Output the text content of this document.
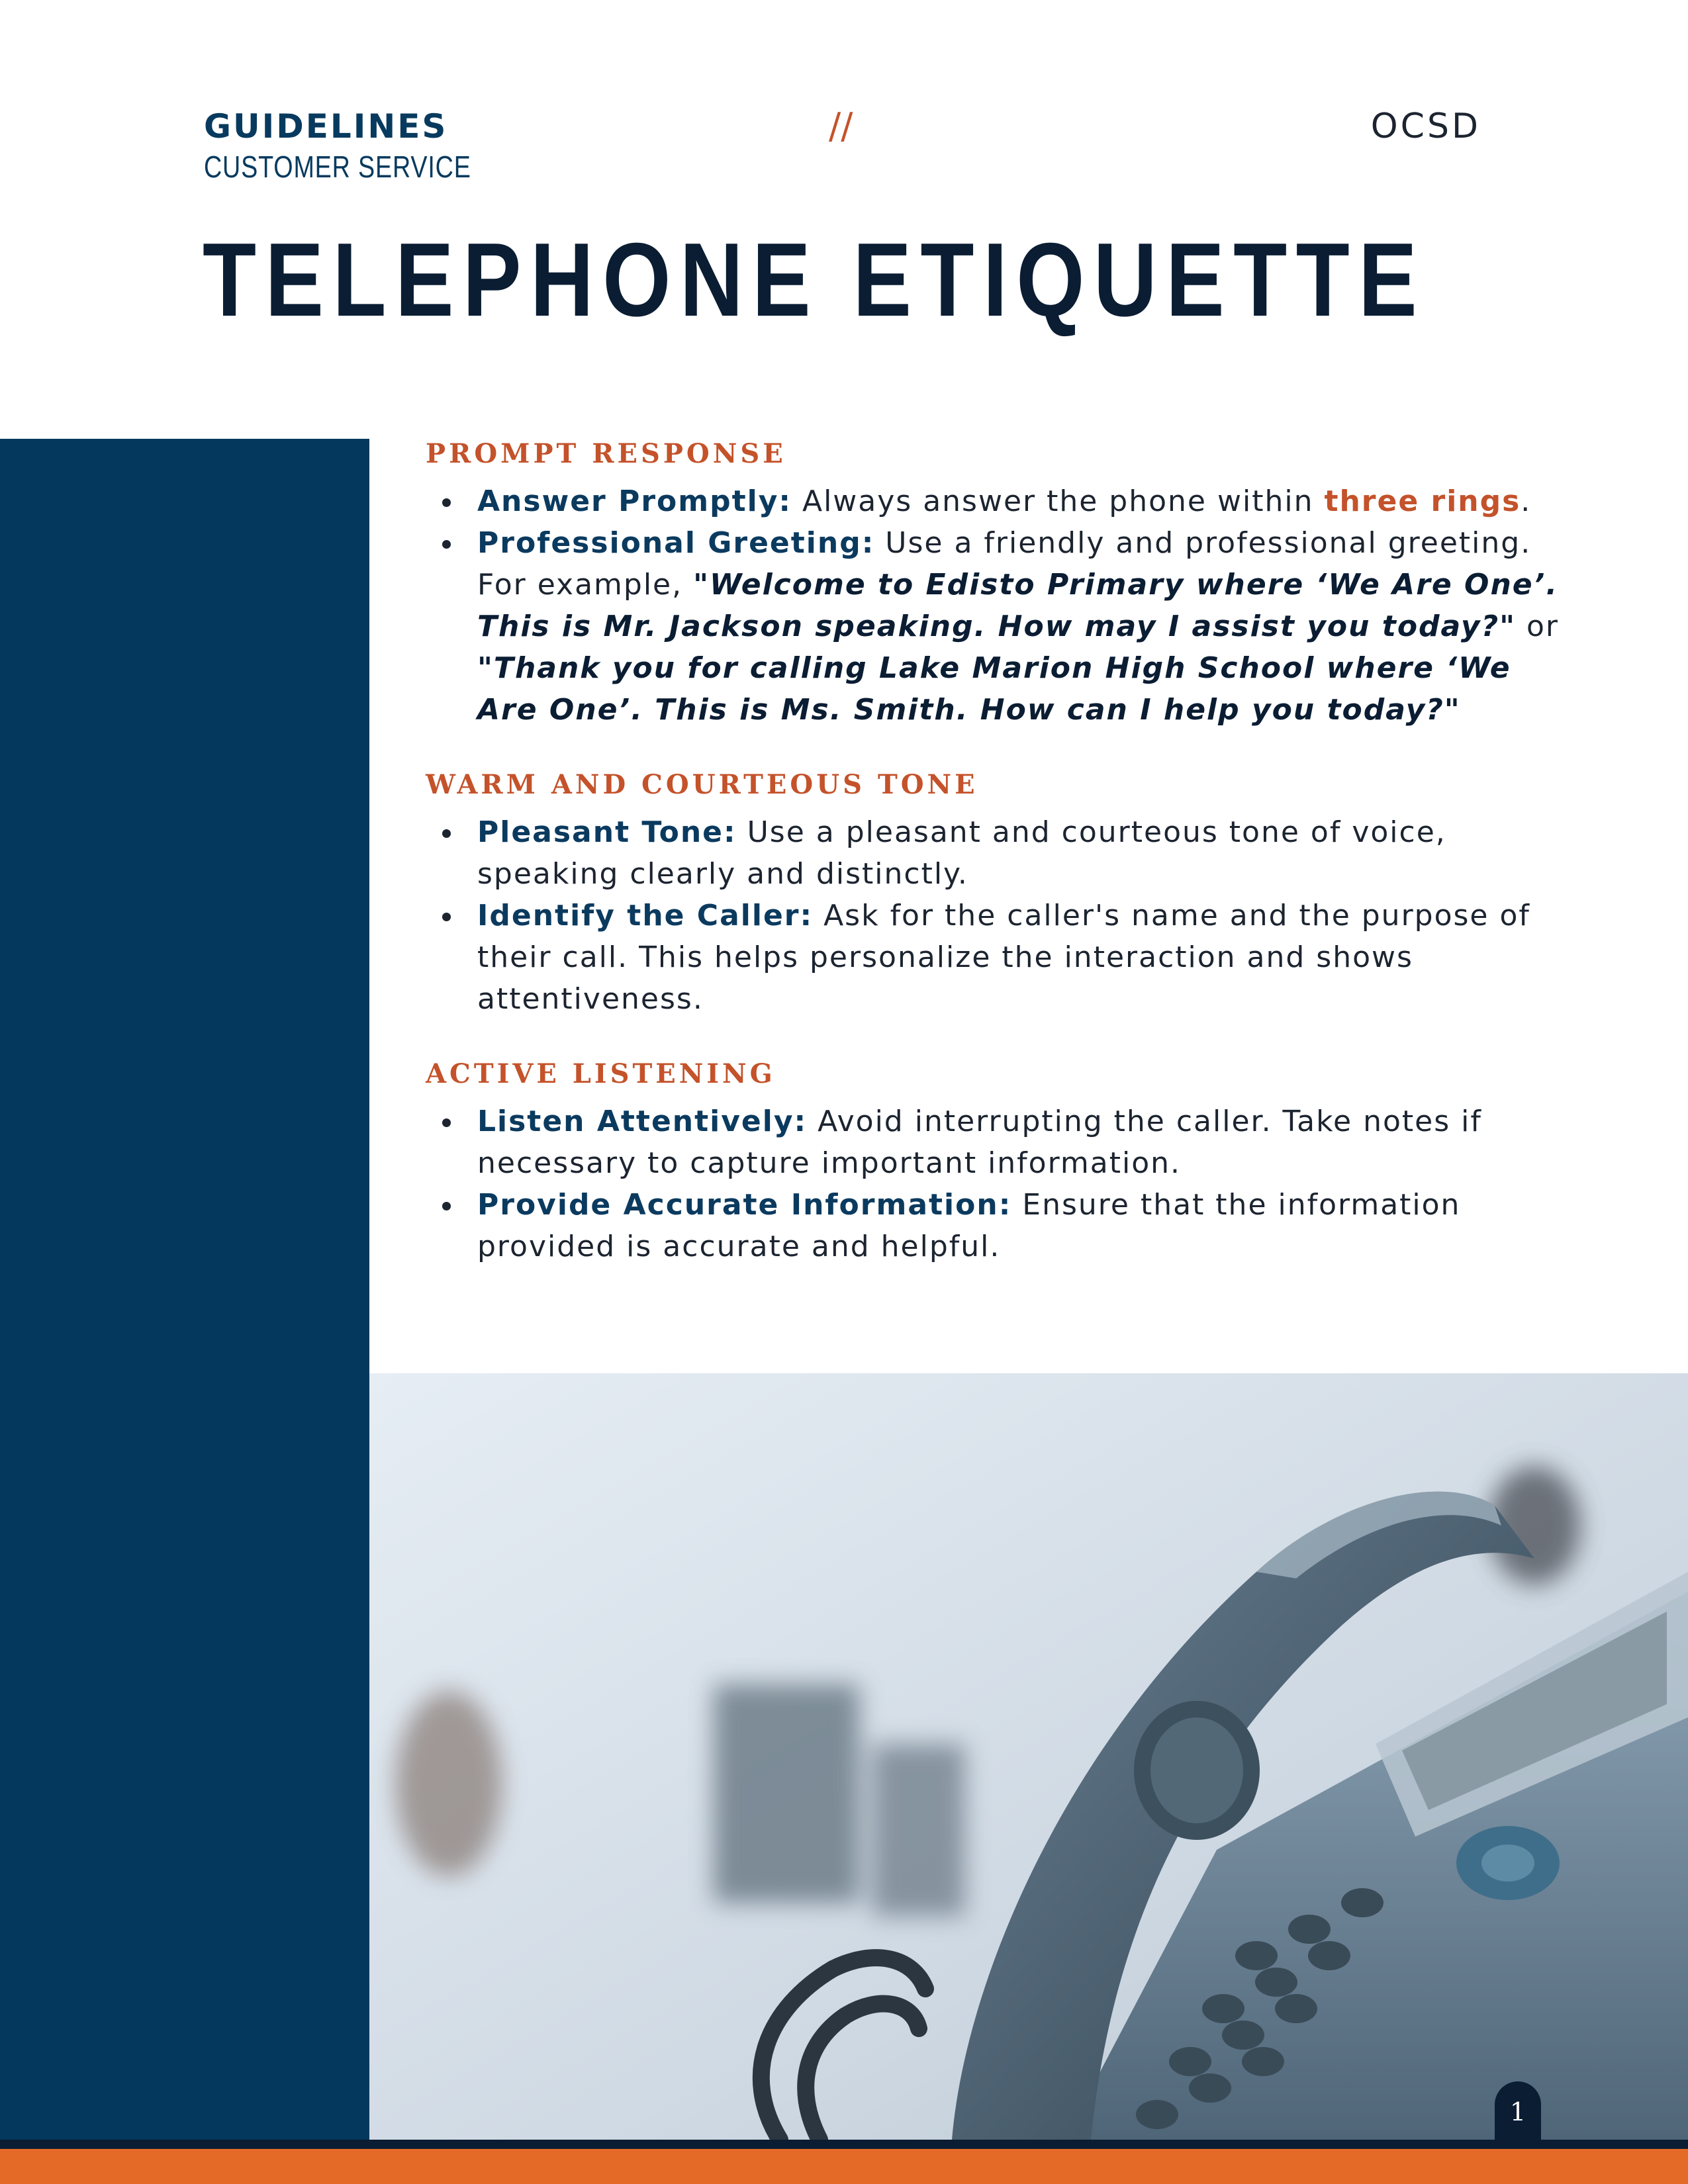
GUIDELINES
CUSTOMER SERVICE
//	OCSD
TELEPHONE ETIQUETTE
PROMPT RESPONSE
Answer Promptly: Always answer the phone within three rings.
Professional Greeting: Use a friendly and professional greeting. For example, "Welcome to Edisto Primary where ‘We Are One’. This is Mr. Jackson speaking. How may I assist you today?" or "Thank you for calling Lake Marion High School where ‘We Are One’. This is Ms. Smith. How can I help you today?"
WARM AND COURTEOUS TONE
Pleasant Tone: Use a pleasant and courteous tone of voice, speaking clearly and distinctly.
Identify the Caller: Ask for the caller's name and the purpose of their call. This helps personalize the interaction and shows attentiveness.
ACTIVE LISTENING
Listen Attentively: Avoid interrupting the caller. Take notes if necessary to capture important information.
Provide Accurate Information: Ensure that the information provided is accurate and helpful.
1
